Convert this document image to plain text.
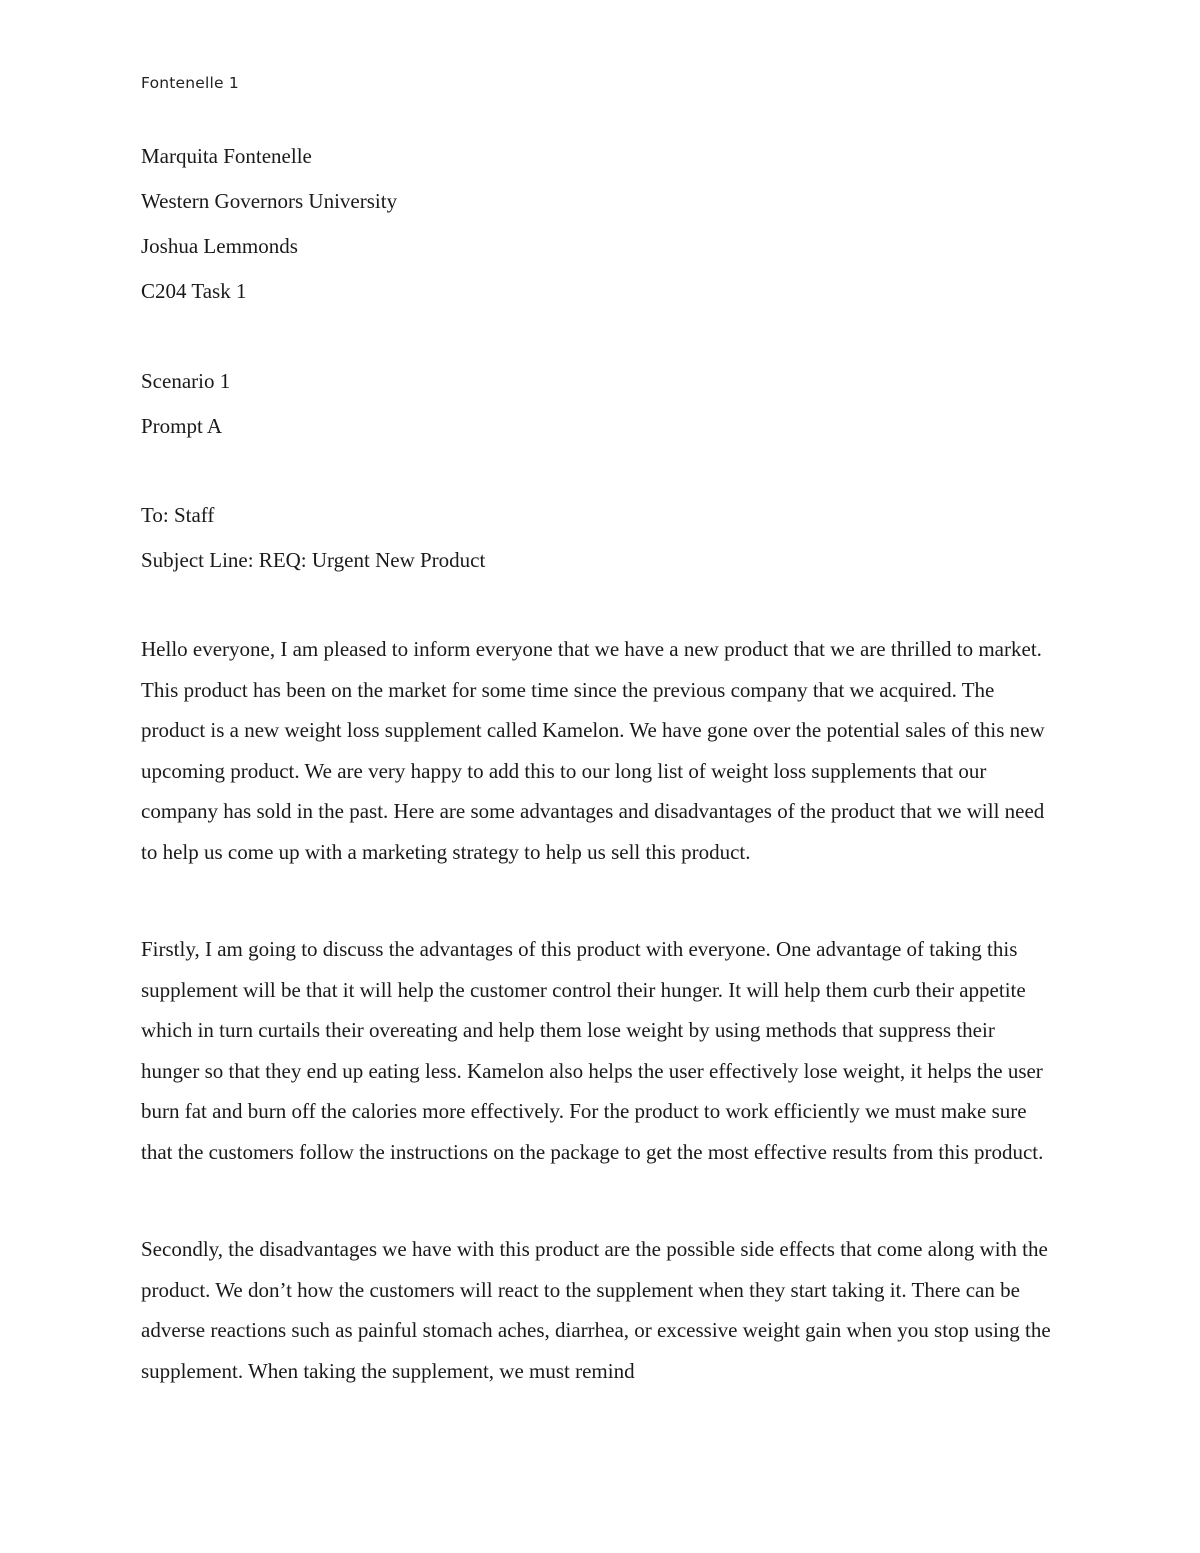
Fontenelle 1
Marquita Fontenelle
Western Governors University
Joshua Lemmonds
C204 Task 1
Scenario 1
Prompt A
To: Staff
Subject Line: REQ: Urgent New Product
Hello everyone, I am pleased to inform everyone that we have a new product that we are thrilled to market. This product has been on the market for some time since the previous company that we acquired. The product is a new weight loss supplement called Kamelon. We have gone over the potential sales of this new upcoming product. We are very happy to add this to our long list of weight loss supplements that our company has sold in the past. Here are some advantages and disadvantages of the product that we will need to help us come up with a marketing strategy to help us sell this product.
Firstly, I am going to discuss the advantages of this product with everyone. One advantage of taking this supplement will be that it will help the customer control their hunger. It will help them curb their appetite which in turn curtails their overeating and help them lose weight by using methods that suppress their hunger so that they end up eating less. Kamelon also helps the user effectively lose weight, it helps the user burn fat and burn off the calories more effectively. For the product to work efficiently we must make sure that the customers follow the instructions on the package to get the most effective results from this product.
Secondly, the disadvantages we have with this product are the possible side effects that come along with the product. We don’t how the customers will react to the supplement when they start taking it. There can be adverse reactions such as painful stomach aches, diarrhea, or excessive weight gain when you stop using the supplement. When taking the supplement, we must remind
